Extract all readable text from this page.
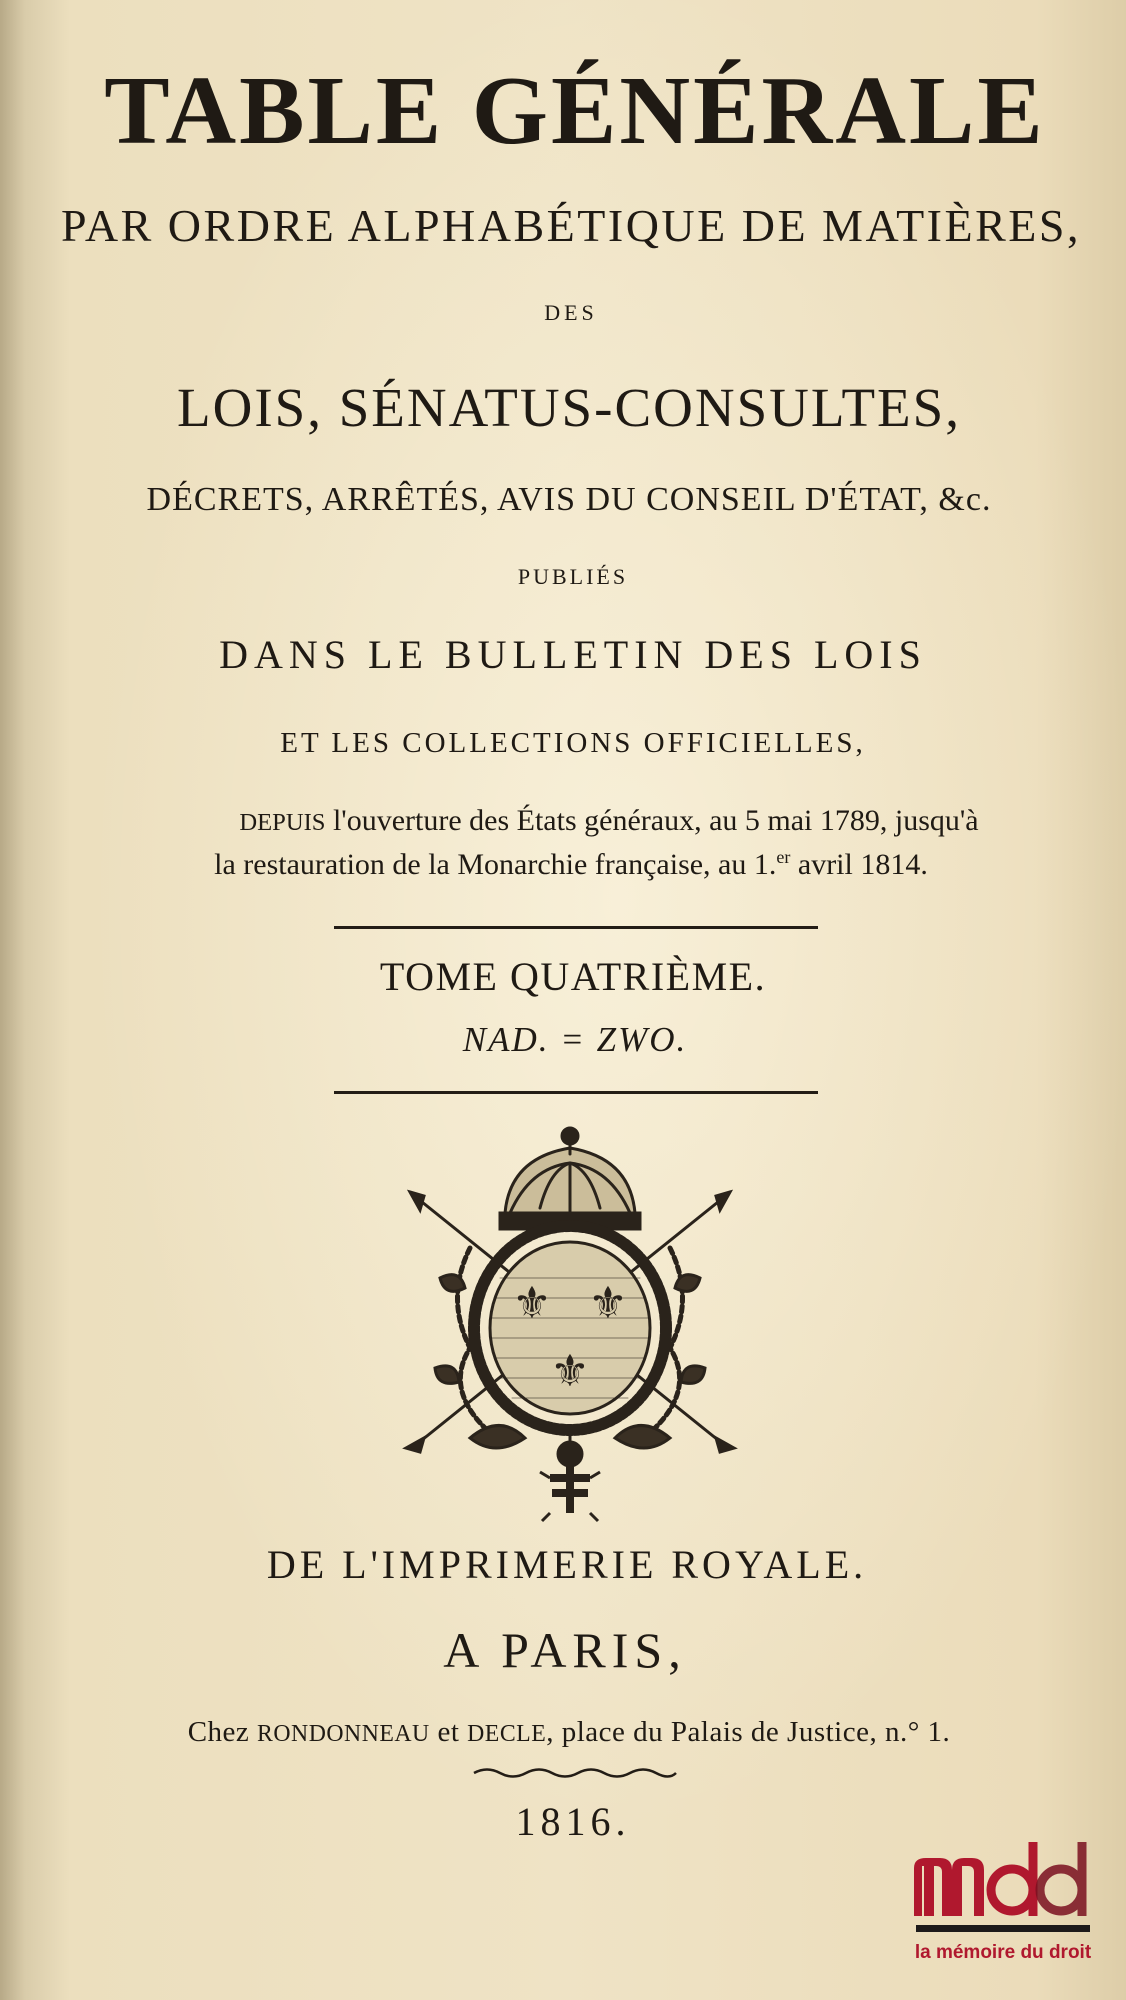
TABLE GÉNÉRALE

PAR ORDRE ALPHABÉTIQUE DE MATIÈRES,

DES

LOIS, SÉNATUS-CONSULTES,

DÉCRETS, ARRÊTÉS, AVIS DU CONSEIL D'ÉTAT, &c.

PUBLIÉS

DANS LE BULLETIN DES LOIS

ET LES COLLECTIONS OFFICIELLES,

DEPUIS l'ouverture des États généraux, au 5 mai 1789, jusqu'à

la restauration de la Monarchie française, au 1.$^{er}$ avril 1814.

TOME QUATRIÈME.

NAD. = ZWO.

⚜ ⚜
⚜

DE L'IMPRIMERIE ROYALE.

A PARIS,

Chez RONDONNEAU et DECLE, place du Palais de Justice, n.° 1.

1816.

la mémoire du droit
